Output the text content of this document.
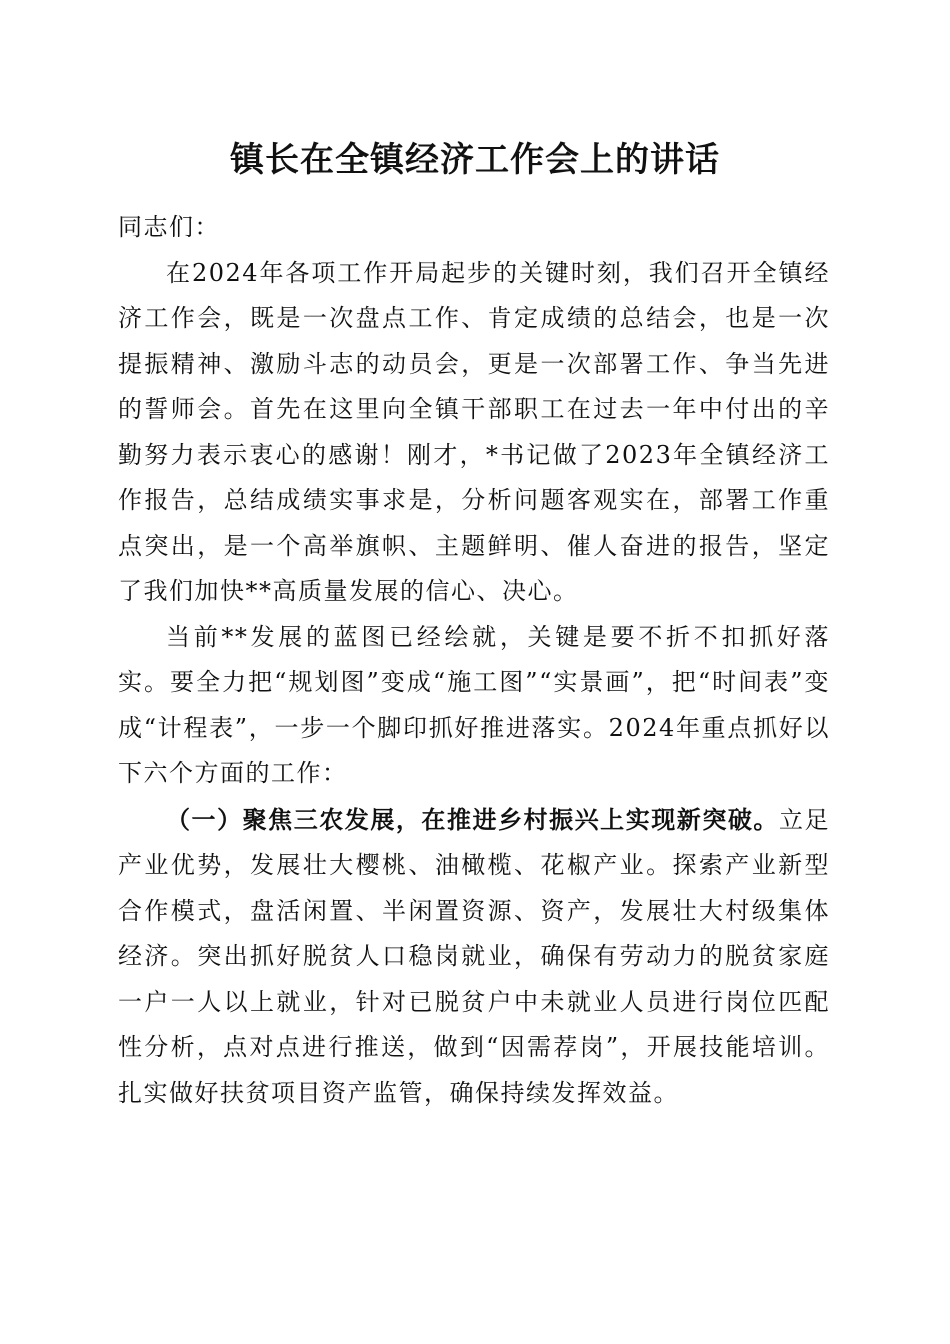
镇长在全镇经济工作会上的讲话

同志们：

在2024年各项工作开局起步的关键时刻，我们召开全镇经济工作会，既是一次盘点工作、肯定成绩的总结会，也是一次提振精神、激励斗志的动员会，更是一次部署工作、争当先进的誓师会。首先在这里向全镇干部职工在过去一年中付出的辛勤努力表示衷心的感谢！刚才，*书记做了2023年全镇经济工作报告，总结成绩实事求是，分析问题客观实在，部署工作重点突出，是一个高举旗帜、主题鲜明、催人奋进的报告，坚定了我们加快**高质量发展的信心、决心。

当前**发展的蓝图已经绘就，关键是要不折不扣抓好落实。要全力把“规划图”变成“施工图”“实景画”，把“时间表”变成“计程表”，一步一个脚印抓好推进落实。2024年重点抓好以下六个方面的工作：

（一）聚焦三农发展，在推进乡村振兴上实现新突破。立足产业优势，发展壮大樱桃、油橄榄、花椒产业。探索产业新型合作模式，盘活闲置、半闲置资源、资产，发展壮大村级集体经济。突出抓好脱贫人口稳岗就业，确保有劳动力的脱贫家庭一户一人以上就业，针对已脱贫户中未就业人员进行岗位匹配性分析，点对点进行推送，做到“因需荐岗”，开展技能培训。扎实做好扶贫项目资产监管，确保持续发挥效益。
